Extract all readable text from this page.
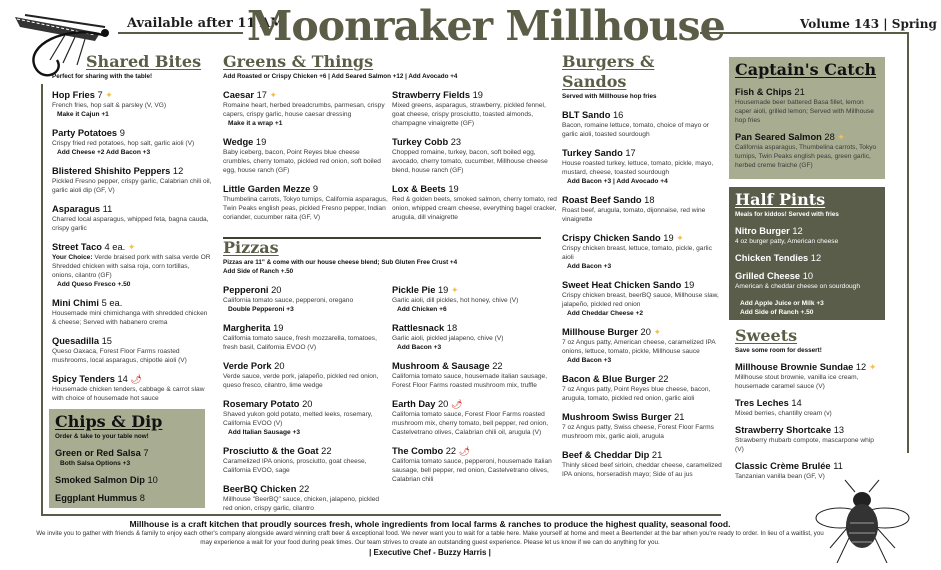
Available after 11 AM
Moonraker Millhouse	Volume 143 | Spring
Shared Bites
Perfect for sharing with the table!
Hop Fries 7 ✦
French fries, hop salt & parsley (V, VG)
Make it Cajun +1
Party Potatoes 9
Crispy fried red potatoes, hop salt, garlic aioli (V)
Add Cheese +2 Add Bacon +3
Blistered Shishito Peppers 12
Pickled Fresno pepper, crispy garlic, Calabrian chili oil, garlic aioli dip (GF, V)
Asparagus 11
Charred local asparagus, whipped feta, bagna cauda, crispy garlic
Street Taco 4 ea. ✦
Your Choice: Verde braised pork with salsa verde OR Shredded chicken with salsa roja, corn tortillas, onions, cilantro (GF)
Add Queso Fresco +.50
Mini Chimi 5 ea.
Housemade mini chimichanga with shredded chicken & cheese; Served with habanero crema
Quesadilla 15
Queso Oaxaca, Forest Floor Farms roasted mushrooms, local asparagus, chipotle aioli (V)
Spicy Tenders 14 🌶
Housemade chicken tenders, cabbage & carrot slaw with choice of housemade hot sauce
Chips & Dip
Order & take to your table now!
Green or Red Salsa 7
Both Salsa Options +3
Smoked Salmon Dip 10
Eggplant Hummus 8
Greens & Things
Add Roasted or Crispy Chicken +6 | Add Seared Salmon +12 | Add Avocado +4
Caesar 17 ✦
Romaine heart, herbed breadcrumbs, parmesan, crispy capers, crispy garlic, house caesar dressing
Make it a wrap +1
Wedge 19
Baby iceberg, bacon, Point Reyes blue cheese crumbles, cherry tomato, pickled red onion, soft boiled egg, house ranch (GF)
Little Garden Mezze 9
Thumbelina carrots, Tokyo turnips, California asparagus, Twin Peaks english peas, pickled Fresno pepper, Indian coriander, cucumber raita (GF, V)
Strawberry Fields 19
Mixed greens, asparagus, strawberry, pickled fennel, goat cheese, crispy prosciutto, toasted almonds, champagne vinaigrette (GF)
Turkey Cobb 23
Chopped romaine, turkey, bacon, soft boiled egg, avocado, cherry tomato, cucumber, Millhouse cheese blend, house ranch (GF)
Lox & Beets 19
Red & golden beets, smoked salmon, cherry tomato, red onion, whipped cream cheese, everything bagel cracker, arugula, dill vinaigrette
Pizzas
Pizzas are 11" & come with our house cheese blend; Sub Gluten Free Crust +4
Add Side of Ranch +.50
Pepperoni 20
California tomato sauce, pepperoni, oregano
Double Pepperoni +3
Margherita 19
California tomato sauce, fresh mozzarella, tomatoes, fresh basil, California EVOO (V)
Verde Pork 20
Verde sauce, verde pork, jalapeño, pickled red onion, queso fresco, cilantro, lime wedge
Rosemary Potato 20
Shaved yukon gold potato, melted leeks, rosemary, California EVOO (V)
Add Italian Sausage +3
Prosciutto & the Goat 22
Caramelized IPA onions, prosciutto, goat cheese, California EVOO, sage
BeerBQ Chicken 22
Millhouse "BeerBQ" sauce, chicken, jalapeno, pickled red onion, crispy garlic, cilantro
Pickle Pie 19 ✦
Garlic aioli, dill pickles, hot honey, chive (V)
Add Chicken +6
Rattlesnack 18
Garlic aioli, pickled jalapeno, chive (V)
Add Bacon +3
Mushroom & Sausage 22
California tomato sauce, housemade italian sausage, Forest Floor Farms roasted mushroom mix, truffle
Earth Day 20 🌶
California tomato sauce, Forest Floor Farms roasted mushroom mix, cherry tomato, bell pepper, red onion, Castelvetrano olives, Calabrian chili oil, arugula (V)
The Combo 22 🌶
California tomato sauce, pepperoni, housemade Italian sausage, bell pepper, red onion, Castelvetrano olives, Calabrian chili
Burgers & Sandos
Served with Millhouse hop fries
BLT Sando 16
Bacon, romaine lettuce, tomato, choice of mayo or garlic aioli, toasted sourdough
Turkey Sando 17
House roasted turkey, lettuce, tomato, pickle, mayo, mustard, cheese, toasted sourdough
Add Bacon +3 | Add Avocado +4
Roast Beef Sando 18
Roast beef, arugula, tomato, dijonnaise, red wine vinaigrette
Crispy Chicken Sando 19 ✦
Crispy chicken breast, lettuce, tomato, pickle, garlic aioli
Add Bacon +3
Sweet Heat Chicken Sando 19
Crispy chicken breast, beerBQ sauce, Millhouse slaw, jalapeño, pickled red onion
Add Cheddar Cheese +2
Millhouse Burger 20 ✦
7 oz Angus patty, American cheese, caramelized IPA onions, lettuce, tomato, pickle, Millhouse sauce
Add Bacon +3
Bacon & Blue Burger 22
7 oz Angus patty, Point Reyes blue cheese, bacon, arugula, tomato, pickled red onion, garlic aioli
Mushroom Swiss Burger 21
7 oz Angus patty, Swiss cheese, Forest Floor Farms mushroom mix, garlic aioli, arugula
Beef & Cheddar Dip 21
Thinly sliced beef sirloin, cheddar cheese, caramelized IPA onions, horseradish mayo; Side of au jus
Captain's Catch
Fish & Chips 21
Housemade beer battered Basa fillet, lemon caper aioli, grilled lemon; Served with Millhouse hop fries
Pan Seared Salmon 28 ✦
California asparagus, Thumbelina carrots, Tokyo turnips, Twin Peaks english peas, green garlic, herbed creme fraiche (GF)
Half Pints
Meals for kiddos! Served with fries
Nitro Burger 12
4 oz burger patty, American cheese
Chicken Tendies 12
Grilled Cheese 10
American & cheddar cheese on sourdough
Add Apple Juice or Milk +3
Add Side of Ranch +.50
Sweets
Save some room for dessert!
Millhouse Brownie Sundae 12 ✦
Millhouse stout brownie, vanilla ice cream, housemade caramel sauce (V)
Tres Leches 14
Mixed berries, chantilly cream (v)
Strawberry Shortcake 13
Strawberry rhubarb compote, mascarpone whip (V)
Classic Crème Brulée 11
Tanzanian vanilla bean (GF, V)
Millhouse is a craft kitchen that proudly sources fresh, whole ingredients from local farms & ranches to produce the highest quality, seasonal food.
We invite you to gather with friends & family to enjoy each other's company alongside award winning craft beer & exceptional food. We never want you to wait for a table here. Make yourself at home and meet a Beertender at the bar when you're ready to order. In lieu of a waitlist, you may experience a wait for your food during peak times. Our team strives to create an outstanding guest experience. Please let us know if we can do anything for you.
| Executive Chef - Buzzy Harris |
